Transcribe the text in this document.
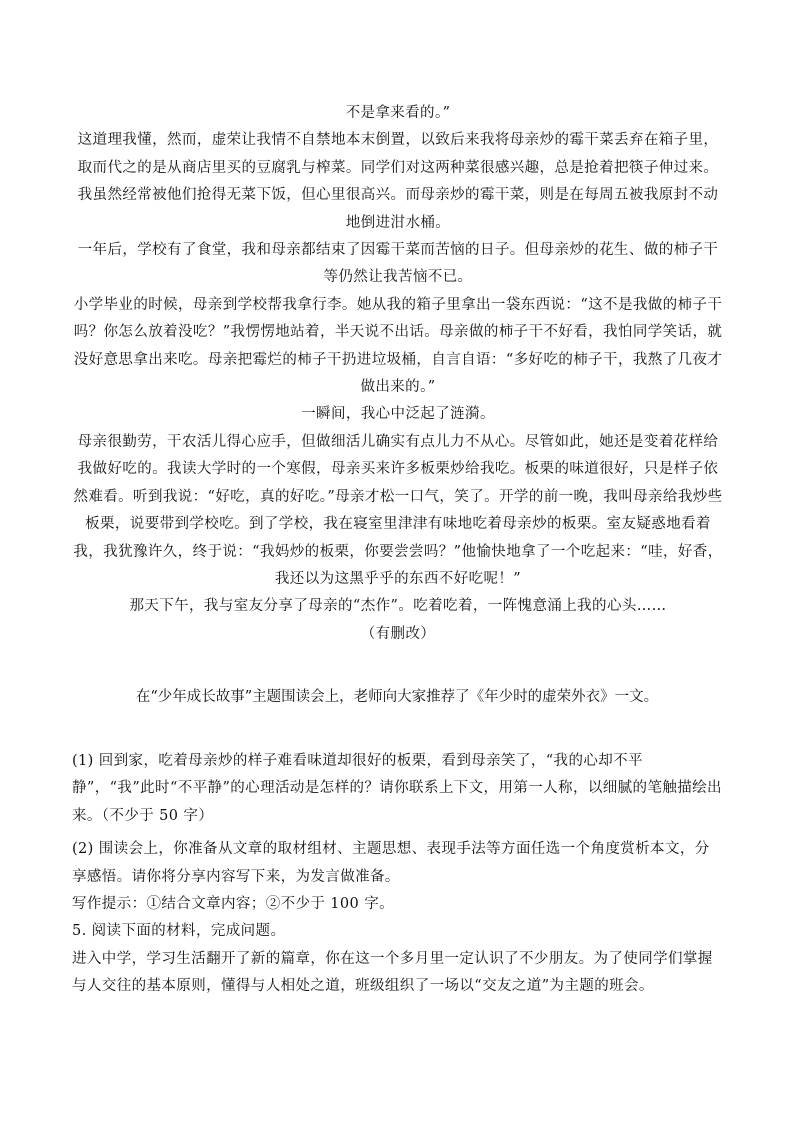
不是拿来看的。”

这道理我懂，然而，虚荣让我情不自禁地本末倒置，以致后来我将母亲炒的霉干菜丢弃在箱子里，取而代之的是从商店里买的豆腐乳与榨菜。同学们对这两种菜很感兴趣，总是抢着把筷子伸过来。我虽然经常被他们抢得无菜下饭，但心里很高兴。而母亲炒的霉干菜，则是在每周五被我原封不动地倒进泔水桶。

一年后，学校有了食堂，我和母亲都结束了因霉干菜而苦恼的日子。但母亲炒的花生、做的柿子干等仍然让我苦恼不已。

小学毕业的时候，母亲到学校帮我拿行李。她从我的箱子里拿出一袋东西说：“这不是我做的柿子干吗？你怎么放着没吃？”我愣愣地站着，半天说不出话。母亲做的柿子干不好看，我怕同学笑话，就没好意思拿出来吃。母亲把霉烂的柿子干扔进垃圾桶，自言自语：“多好吃的柿子干，我熬了几夜才做出来的。”

一瞬间，我心中泛起了涟漪。

母亲很勤劳，干农活儿得心应手，但做细活儿确实有点儿力不从心。尽管如此，她还是变着花样给我做好吃的。我读大学时的一个寒假，母亲买来许多板栗炒给我吃。板栗的味道很好，只是样子依然难看。听到我说：“好吃，真的好吃。”母亲才松一口气，笑了。开学的前一晚，我叫母亲给我炒些板栗，说要带到学校吃。到了学校，我在寝室里津津有味地吃着母亲炒的板栗。室友疑惑地看着我，我犹豫许久，终于说：“我妈炒的板栗，你要尝尝吗？”他愉快地拿了一个吃起来：“哇，好香，我还以为这黑乎乎的东西不好吃呢！”

那天下午，我与室友分享了母亲的“杰作”。吃着吃着，一阵愧意涌上我的心头……

（有删改）

在“少年成长故事”主题围读会上，老师向大家推荐了《年少时的虚荣外衣》一文。

(1) 回到家，吃着母亲炒的样子难看味道却很好的板栗，看到母亲笑了，“我的心却不平静”，“我”此时“不平静”的心理活动是怎样的？请你联系上下文，用第一人称，以细腻的笔触描绘出来。（不少于 50 字）

(2) 围读会上，你准备从文章的取材组材、主题思想、表现手法等方面任选一个角度赏析本文，分享感悟。请你将分享内容写下来，为发言做准备。

写作提示：①结合文章内容；②不少于 100 字。

5. 阅读下面的材料，完成问题。

进入中学，学习生活翻开了新的篇章，你在这一个多月里一定认识了不少朋友。为了使同学们掌握与人交往的基本原则，懂得与人相处之道，班级组织了一场以“交友之道”为主题的班会。
